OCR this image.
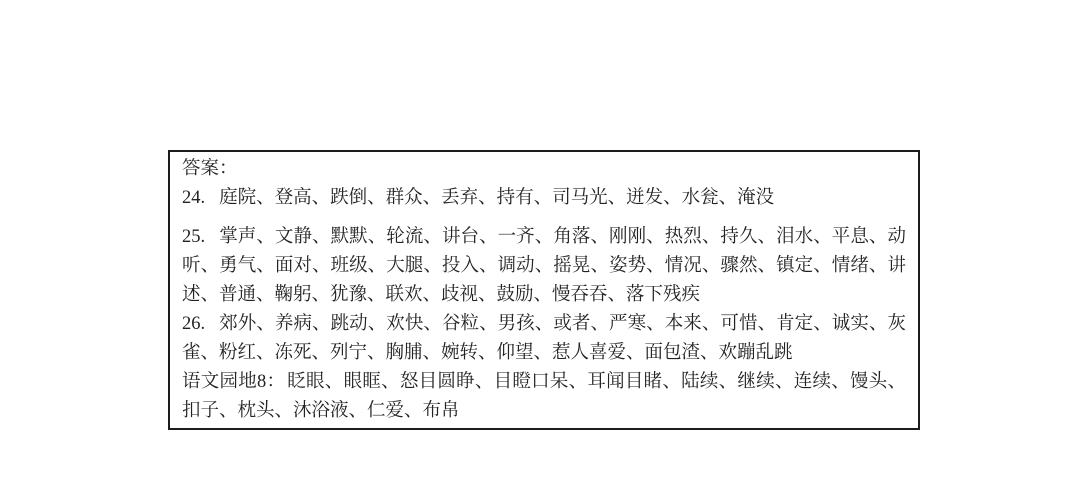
答案：

24. 庭院、登高、跌倒、群众、丢弃、持有、司马光、迸发、水瓮、淹没

25. 掌声、文静、默默、轮流、讲台、一齐、角落、刚刚、热烈、持久、泪水、平息、动听、勇气、面对、班级、大腿、投入、调动、摇晃、姿势、情况、骤然、镇定、情绪、讲述、普通、鞠躬、犹豫、联欢、歧视、鼓励、慢吞吞、落下残疾

26. 郊外、养病、跳动、欢快、谷粒、男孩、或者、严寒、本来、可惜、肯定、诚实、灰雀、粉红、冻死、列宁、胸脯、婉转、仰望、惹人喜爱、面包渣、欢蹦乱跳

语文园地8： 眨眼、眼眶、怒目圆睁、目瞪口呆、耳闻目睹、陆续、继续、连续、馒头、扣子、枕头、沐浴液、仁爱、布帛
